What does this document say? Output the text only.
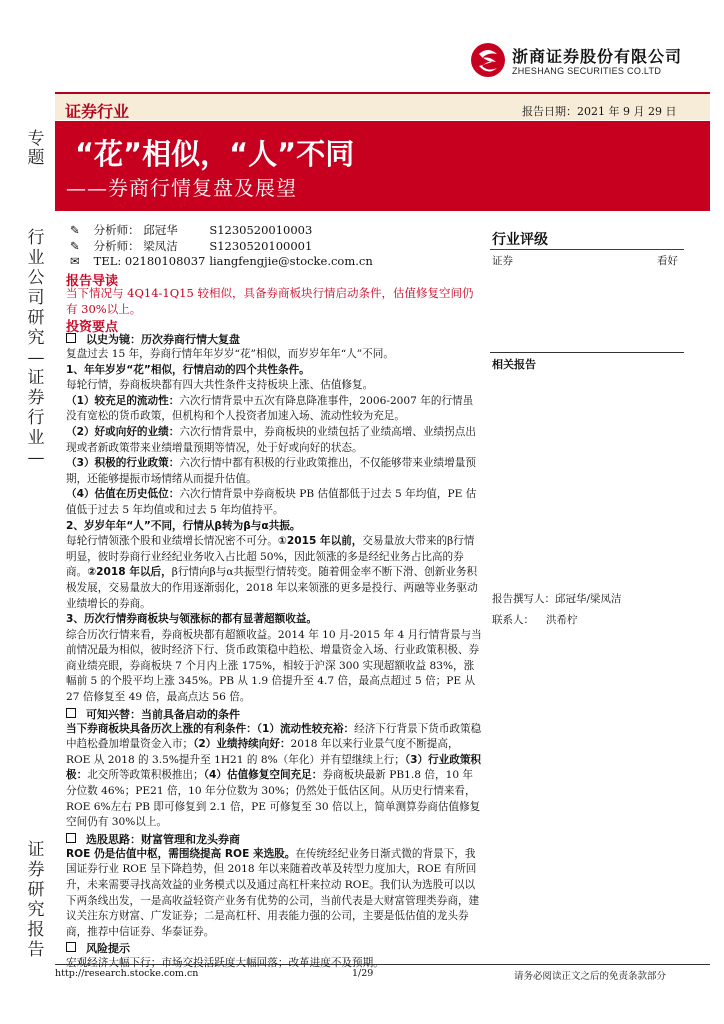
浙商证券股份有限公司
ZHESHANG SECURITIES CO.LTD
证券行业	报告日期：2021 年 9 月 29 日
“花”相似，“人”不同
——券商行情复盘及展望
专
题
行
业
公
司
研
究
—
证
券
行
业
—
证
券
研
究
报
告
✎ 分析师： 邱冠华	S1230520010003
✎ 分析师： 梁凤洁	S1230520100001
✉ TEL: 02180108037 liangfengjie@stocke.com.cn
报告导读
当下情况与 4Q14-1Q15 较相似，具备券商板块行情启动条件，估值修复空间仍有 30%以上。
投资要点
以史为镜：历次券商行情大复盘
复盘过去 15 年，券商行情年年岁岁“花”相似，而岁岁年年“人”不同。
1、年年岁岁“花”相似，行情启动的四个共性条件。
每轮行情，券商板块都有四大共性条件支持板块上涨、估值修复。
（1）较充足的流动性：六次行情背景中五次有降息降准事件，2006-2007 年的行情虽没有宽松的货币政策，但机构和个人投资者加速入场、流动性较为充足。
（2）好或向好的业绩：六次行情背景中，券商板块的业绩包括了业绩高增、业绩拐点出现或者新政策带来业绩增量预期等情况，处于好或向好的状态。
（3）积极的行业政策：六次行情中都有积极的行业政策推出，不仅能够带来业绩增量预期，还能够提振市场情绪从而提升估值。
（4）估值在历史低位：六次行情背景中券商板块 PB 估值都低于过去 5 年均值，PE 估值低于过去 5 年均值或和过去 5 年均值持平。
2、岁岁年年“人”不同，行情从β转为β与α共振。
每轮行情领涨个股和业绩增长情况密不可分。①2015 年以前，交易量放大带来的β行情明显，彼时券商行业经纪业务收入占比超 50%，因此领涨的多是经纪业务占比高的券商。②2018 年以后，β行情向β与α共振型行情转变。随着佣金率不断下滑、创新业务积极发展，交易量放大的作用逐渐弱化，2018 年以来领涨的更多是投行、两融等业务驱动业绩增长的券商。
3、历次行情券商板块与领涨标的都有显著超额收益。
综合历次行情来看，券商板块都有超额收益。2014 年 10 月-2015 年 4 月行情背景与当前情况最为相似，彼时经济下行、货币政策稳中趋松、增量资金入场、行业政策积极、券商业绩亮眼，券商板块 7 个月内上涨 175%，相较于沪深 300 实现超额收益 83%，涨幅前 5 的个股平均上涨 345%。PB 从 1.9 倍提升至 4.7 倍，最高点超过 5 倍；PE 从 27 倍修复至 49 倍，最高点达 56 倍。
可知兴替：当前具备启动的条件
当下券商板块具备历次上涨的有利条件：（1）流动性较充裕：经济下行背景下货币政策稳中趋松叠加增量资金入市；（2）业绩持续向好：2018 年以来行业景气度不断提高，ROE 从 2018 的 3.5%提升至 1H21 的 8%（年化）并有望继续上行；（3）行业政策积极：北交所等政策积极推出；（4）估值修复空间充足：券商板块最新 PB1.8 倍，10 年分位数 46%；PE21 倍，10 年分位数为 30%；仍然处于低估区间。从历史行情来看，ROE 6%左右 PB 即可修复到 2.1 倍，PE 可修复至 30 倍以上，简单测算券商估值修复空间仍有 30%以上。
选股思路：财富管理和龙头券商
ROE 仍是估值中枢，需围绕提高 ROE 来选股。在传统经纪业务日渐式微的背景下，我国证券行业 ROE 呈下降趋势，但 2018 年以来随着改革及转型力度加大，ROE 有所回升，未来需要寻找高效益的业务模式以及通过高杠杆来拉动 ROE。我们认为选股可以以下两条线出发，一是高收益轻资产业务有优势的公司，当前代表是大财富管理类券商，建议关注东方财富、广发证券；二是高杠杆、用表能力强的公司，主要是低估值的龙头券商，推荐中信证券、华泰证券。
风险提示
行业评级
证券	看好
相关报告
报告撰写人：邱冠华/梁凤洁
联系人： 洪希柠
http://research.stocke.com.cn	1/29	请务必阅读正文之后的免责条款部分
